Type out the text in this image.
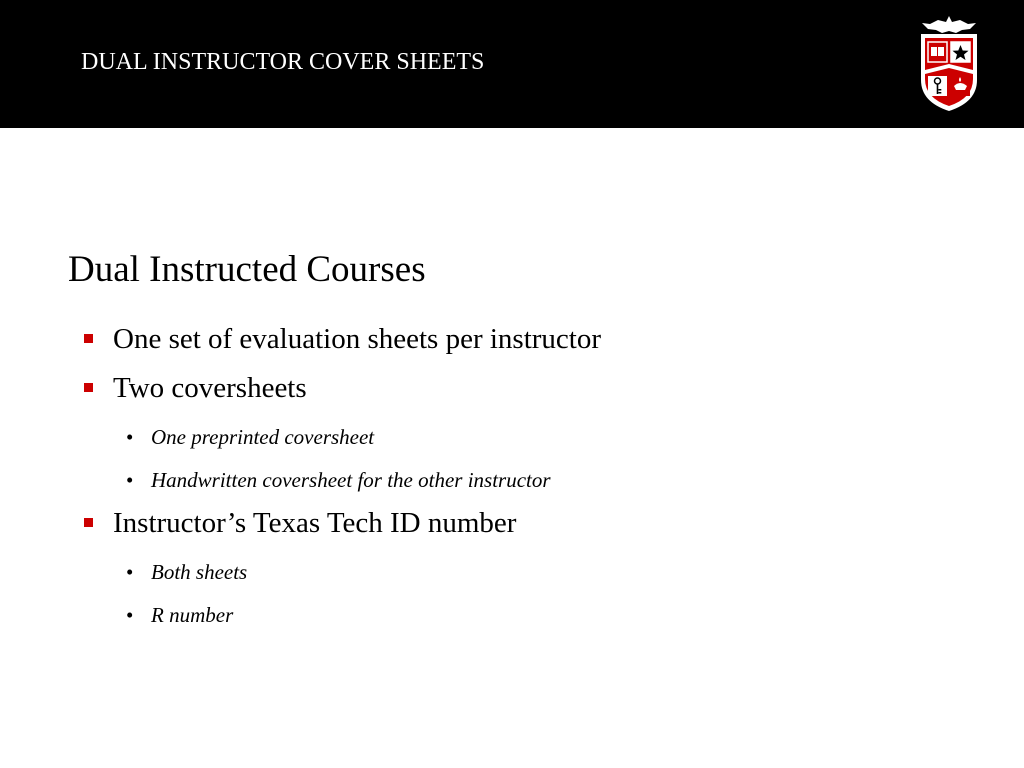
DUAL INSTRUCTOR COVER SHEETS
Dual Instructed Courses
One set of evaluation sheets per instructor
Two coversheets
• One preprinted coversheet
• Handwritten coversheet for the other instructor
Instructor’s Texas Tech ID number
• Both sheets
• R number
